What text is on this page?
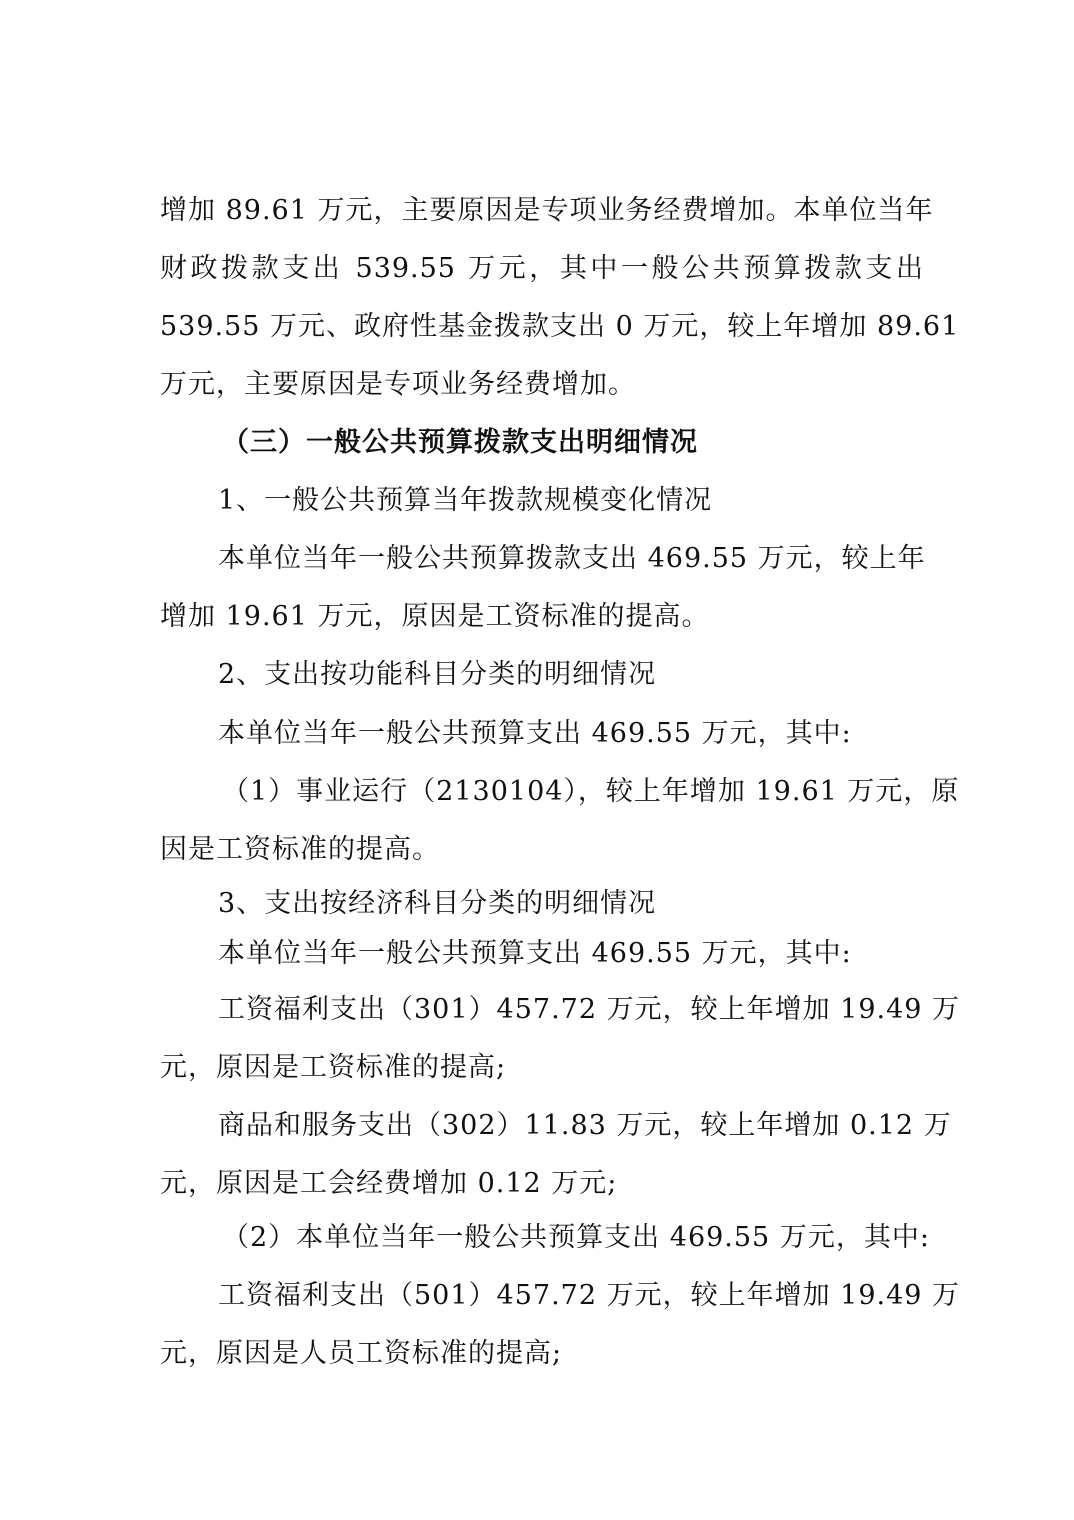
增加 89.61 万元，主要原因是专项业务经费增加。本单位当年
财政拨款支出 539.55 万元，其中一般公共预算拨款支出
539.55 万元、政府性基金拨款支出 0 万元，较上年增加 89.61
万元，主要原因是专项业务经费增加。
（三）一般公共预算拨款支出明细情况
1、一般公共预算当年拨款规模变化情况
本单位当年一般公共预算拨款支出 469.55 万元，较上年
增加 19.61 万元，原因是工资标准的提高。
2、支出按功能科目分类的明细情况
本单位当年一般公共预算支出 469.55 万元，其中:
（1）事业运行（2130104），较上年增加 19.61 万元，原
因是工资标准的提高。
3、支出按经济科目分类的明细情况
本单位当年一般公共预算支出 469.55 万元，其中:
工资福利支出（301）457.72 万元，较上年增加 19.49 万
元，原因是工资标准的提高;
商品和服务支出（302）11.83 万元，较上年增加 0.12 万
元，原因是工会经费增加 0.12 万元;
（2）本单位当年一般公共预算支出 469.55 万元，其中:
工资福利支出（501）457.72 万元，较上年增加 19.49 万
元，原因是人员工资标准的提高;
